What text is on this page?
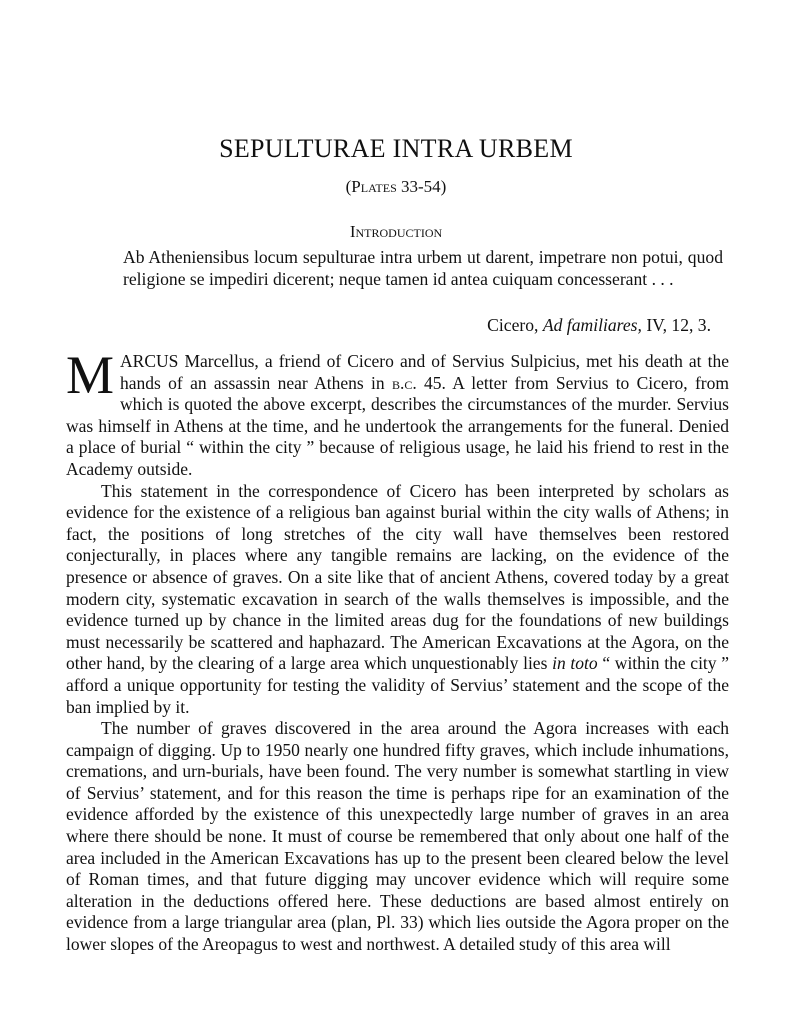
SEPULTURAE INTRA URBEM
(Plates 33-54)
Introduction
Ab Atheniensibus locum sepulturae intra urbem ut darent, impetrare non potui, quod religione se impediri dicerent; neque tamen id antea cuiquam concesserant . . .
Cicero, Ad familiares, IV, 12, 3.

MARCUS Marcellus, a friend of Cicero and of Servius Sulpicius, met his death at the hands of an assassin near Athens in b.c. 45. A letter from Servius to Cicero, from which is quoted the above excerpt, describes the circumstances of the murder. Servius was himself in Athens at the time, and he undertook the arrangements for the funeral. Denied a place of burial “ within the city ” because of religious usage, he laid his friend to rest in the Academy outside.

This statement in the correspondence of Cicero has been interpreted by scholars as evidence for the existence of a religious ban against burial within the city walls of Athens; in fact, the positions of long stretches of the city wall have themselves been restored conjecturally, in places where any tangible remains are lacking, on the evidence of the presence or absence of graves. On a site like that of ancient Athens, covered today by a great modern city, systematic excavation in search of the walls themselves is impossible, and the evidence turned up by chance in the limited areas dug for the foundations of new buildings must necessarily be scattered and haphazard. The American Excavations at the Agora, on the other hand, by the clearing of a large area which unquestionably lies in toto “ within the city ” afford a unique opportunity for testing the validity of Servius’ statement and the scope of the ban implied by it.

The number of graves discovered in the area around the Agora increases with each campaign of digging. Up to 1950 nearly one hundred fifty graves, which include inhumations, cremations, and urn-burials, have been found. The very number is somewhat startling in view of Servius’ statement, and for this reason the time is perhaps ripe for an examination of the evidence afforded by the existence of this unexpectedly large number of graves in an area where there should be none. It must of course be remembered that only about one half of the area included in the American Excavations has up to the present been cleared below the level of Roman times, and that future digging may uncover evidence which will require some alteration in the deductions offered here. These deductions are based almost entirely on evidence from a large triangular area (plan, Pl. 33) which lies outside the Agora proper on the lower slopes of the Areopagus to west and northwest. A detailed study of this area will
